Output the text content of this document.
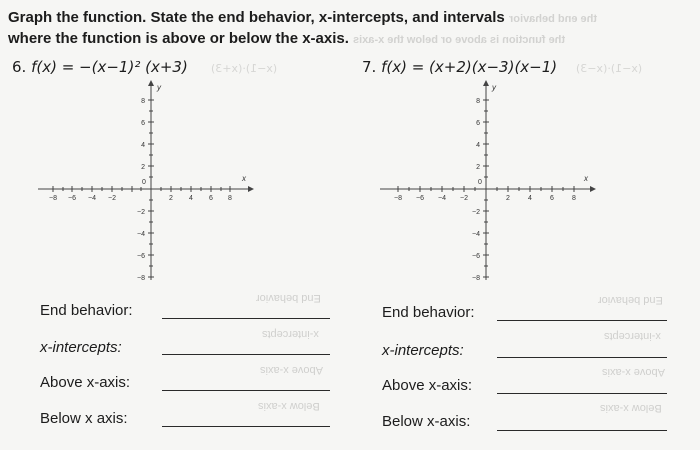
Graph the function. State the end behavior, x-intercepts, and intervals the end behavior
where the function is above or below the x-axis. the function is above or below the x-axis
6. f(x) = −(x−1)² (x+3) (x−1)·(x+3)
−8 −6 −4 −2
0
2 4 6 8
8
6
4
2
−2
−4
−6
−8
x
y
7. f(x) = (x+2)(x−3)(x−1) (x−1)·(x−3)
−8 −6 −4 −2
0
2	4	6	8
8
6
4
2
−2
−4
−6
−8
x
y
End behavior:
x-intercepts:
Above x-axis:
Below x axis:
End behavior:
x-intercepts:
Above x-axis:
Below x-axis:
End behavior
x-intercepts
Above x-axis
Below x-axis
End behavior
x-intercepts
Above x-axis
Below x-axis
